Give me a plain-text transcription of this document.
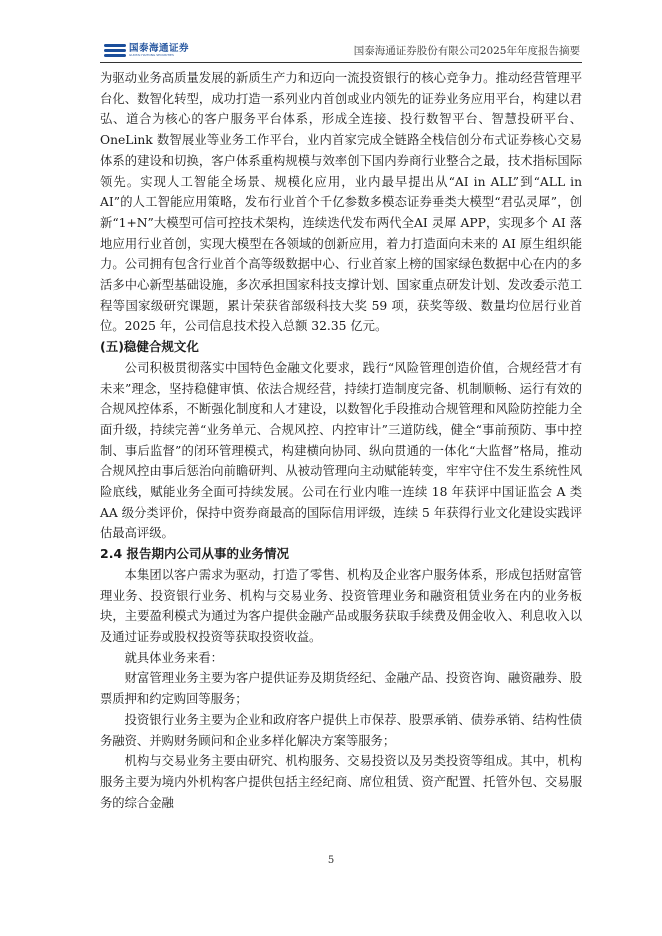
国泰海通证券
GUOTAI HAITONG SECURITIES	国泰海通证券股份有限公司2025年年度报告摘要

为驱动业务高质量发展的新质生产力和迈向一流投资银行的核心竞争力。推动经营管理平台化、数智化转型，成功打造一系列业内首创或业内领先的证券业务应用平台，构建以君弘、道合为核心的客户服务平台体系，形成全连接、投行数智平台、智慧投研平台、OneLink 数智展业等业务工作平台，业内首家完成全链路全栈信创分布式证券核心交易体系的建设和切换，客户体系重构规模与效率创下国内券商行业整合之最，技术指标国际领先。实现人工智能全场景、规模化应用，业内最早提出从“AI in ALL”到“ALL in AI”的人工智能应用策略，发布行业首个千亿参数多模态证券垂类大模型“君弘灵犀”，创新“1+N”大模型可信可控技术架构，连续迭代发布两代全AI 灵犀 APP，实现多个 AI 落地应用行业首创，实现大模型在各领域的创新应用，着力打造面向未来的 AI 原生组织能力。公司拥有包含行业首个高等级数据中心、行业首家上榜的国家绿色数据中心在内的多活多中心新型基础设施，多次承担国家科技支撑计划、国家重点研发计划、发改委示范工程等国家级研究课题，累计荣获省部级科技大奖 59 项，获奖等级、数量均位居行业首位。2025 年，公司信息技术投入总额 32.35 亿元。

(五)稳健合规文化

公司积极贯彻落实中国特色金融文化要求，践行“风险管理创造价值，合规经营才有未来”理念，坚持稳健审慎、依法合规经营，持续打造制度完备、机制顺畅、运行有效的合规风控体系，不断强化制度和人才建设，以数智化手段推动合规管理和风险防控能力全面升级，持续完善“业务单元、合规风控、内控审计”三道防线，健全“事前预防、事中控制、事后监督”的闭环管理模式，构建横向协同、纵向贯通的一体化“大监督”格局，推动合规风控由事后惩治向前瞻研判、从被动管理向主动赋能转变，牢牢守住不发生系统性风险底线，赋能业务全面可持续发展。公司在行业内唯一连续 18 年获评中国证监会 A 类 AA 级分类评价，保持中资券商最高的国际信用评级，连续 5 年获得行业文化建设实践评估最高评级。

2.4 报告期内公司从事的业务情况

本集团以客户需求为驱动，打造了零售、机构及企业客户服务体系，形成包括财富管理业务、投资银行业务、机构与交易业务、投资管理业务和融资租赁业务在内的业务板块，主要盈利模式为通过为客户提供金融产品或服务获取手续费及佣金收入、利息收入以及通过证券或股权投资等获取投资收益。

就具体业务来看：

财富管理业务主要为客户提供证券及期货经纪、金融产品、投资咨询、融资融券、股票质押和约定购回等服务；

投资银行业务主要为企业和政府客户提供上市保荐、股票承销、债券承销、结构性债务融资、并购财务顾问和企业多样化解决方案等服务；

机构与交易业务主要由研究、机构服务、交易投资以及另类投资等组成。其中，机构服务主要为境内外机构客户提供包括主经纪商、席位租赁、资产配置、托管外包、交易服务的综合金融

5
